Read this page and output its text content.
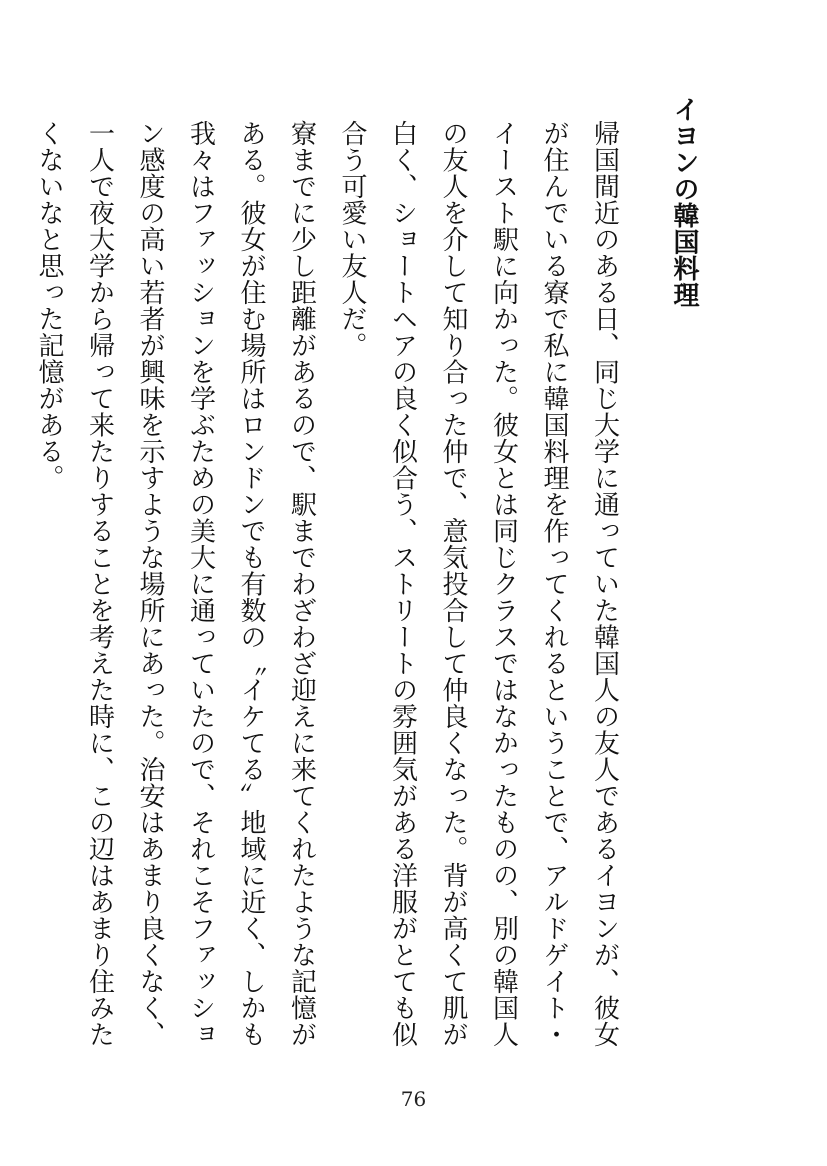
イヨンの韓国料理

帰国間近のある日、同じ大学に通っていた韓国人の友人であるイヨンが、彼女が住んでいる寮で私に韓国料理を作ってくれるということで、アルドゲイト・イースト駅に向かった。彼女とは同じクラスではなかったものの、別の韓国人の友人を介して知り合った仲で、意気投合して仲良くなった。背が高くて肌が白く、ショートヘアの良く似合う、ストリートの雰囲気がある洋服がとても似合う可愛い友人だ。

寮までに少し距離があるので、駅までわざわざ迎えに来てくれたような記憶がある。彼女が住む場所はロンドンでも有数の〝イケてる〟地域に近く、しかも我々はファッションを学ぶための美大に通っていたので、それこそファッション感度の高い若者が興味を示すような場所にあった。治安はあまり良くなく、一人で夜大学から帰って来たりすることを考えた時に、この辺はあまり住みたくないなと思った記憶がある。

76
